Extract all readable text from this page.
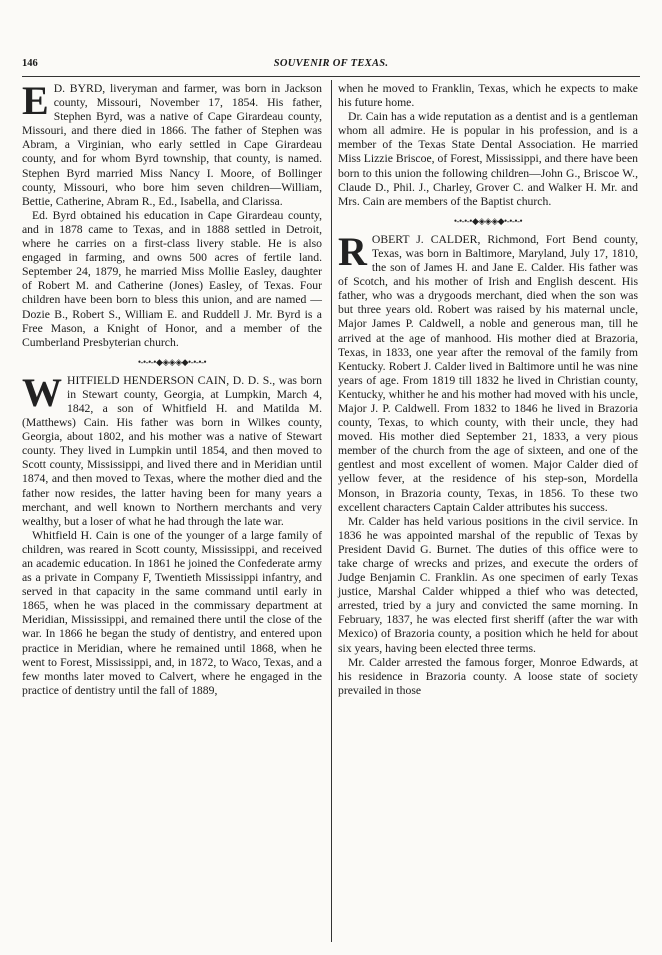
146	SOUVENIR OF TEXAS.

E D. BYRD, liveryman and farmer, was born in Jackson county, Missouri, November 17, 1854. His father, Stephen Byrd, was a native of Cape Girardeau county, Missouri, and there died in 1866. The father of Stephen was Abram, a Virginian, who early settled in Cape Girardeau county, and for whom Byrd township, that county, is named. Stephen Byrd married Miss Nancy I. Moore, of Bollinger county, Missouri, who bore him seven children—William, Bettie, Catherine, Abram R., Ed., Isabella, and Clarissa.

Ed. Byrd obtained his education in Cape Girardeau county, and in 1878 came to Texas, and in 1888 settled in Detroit, where he carries on a first-class livery stable. He is also engaged in farming, and owns 500 acres of fertile land. September 24, 1879, he married Miss Mollie Easley, daughter of Robert M. and Catherine (Jones) Easley, of Texas. Four children have been born to bless this union, and are named —Dozie B., Robert S., William E. and Ruddell J. Mr. Byrd is a Free Mason, a Knight of Honor, and a member of the Cumberland Presbyterian church.

•-•-•-•◆◈◈◈◆•-•-•-•

WHITFIELD HENDERSON CAIN, D. D. S., was born in Stewart county, Georgia, at Lumpkin, March 4, 1842, a son of Whitfield H. and Matilda M. (Matthews) Cain. His father was born in Wilkes county, Georgia, about 1802, and his mother was a native of Stewart county. They lived in Lumpkin until 1854, and then moved to Scott county, Mississippi, and lived there and in Meridian until 1874, and then moved to Texas, where the mother died and the father now resides, the latter having been for many years a merchant, and well known to Northern merchants and very wealthy, but a loser of what he had through the late war.

Whitfield H. Cain is one of the younger of a large family of children, was reared in Scott county, Mississippi, and received an academic education. In 1861 he joined the Confederate army as a private in Company F, Twentieth Mississippi infantry, and served in that capacity in the same command until early in 1865, when he was placed in the commissary department at Meridian, Mississippi, and remained there until the close of the war. In 1866 he began the study of dentistry, and entered upon practice in Meridian, where he remained until 1868, when he went to Forest, Mississippi, and, in 1872, to Waco, Texas, and a few months later moved to Calvert, where he engaged in the practice of dentistry until the fall of 1889,

when he moved to Franklin, Texas, which he expects to make his future home.

Dr. Cain has a wide reputation as a dentist and is a gentleman whom all admire. He is popular in his profession, and is a member of the Texas State Dental Association. He married Miss Lizzie Briscoe, of Forest, Mississippi, and there have been born to this union the following children—John G., Briscoe W., Claude D., Phil. J., Charley, Grover C. and Walker H. Mr. and Mrs. Cain are members of the Baptist church.

•-•-•-•◆◈◈◈◆•-•-•-•

ROBERT J. CALDER, Richmond, Fort Bend county, Texas, was born in Baltimore, Maryland, July 17, 1810, the son of James H. and Jane E. Calder. His father was of Scotch, and his mother of Irish and English descent. His father, who was a drygoods merchant, died when the son was but three years old. Robert was raised by his maternal uncle, Major James P. Caldwell, a noble and generous man, till he arrived at the age of manhood. His mother died at Brazoria, Texas, in 1833, one year after the removal of the family from Kentucky. Robert J. Calder lived in Baltimore until he was nine years of age. From 1819 till 1832 he lived in Christian county, Kentucky, whither he and his mother had moved with his uncle, Major J. P. Caldwell. From 1832 to 1846 he lived in Brazoria county, Texas, to which county, with their uncle, they had moved. His mother died September 21, 1833, a very pious member of the church from the age of sixteen, and one of the gentlest and most excellent of women. Major Calder died of yellow fever, at the residence of his step-son, Mordella Monson, in Brazoria county, Texas, in 1856. To these two excellent characters Captain Calder attributes his success.

Mr. Calder has held various positions in the civil service. In 1836 he was appointed marshal of the republic of Texas by President David G. Burnet. The duties of this office were to take charge of wrecks and prizes, and execute the orders of Judge Benjamin C. Franklin. As one specimen of early Texas justice, Marshal Calder whipped a thief who was detected, arrested, tried by a jury and convicted the same morning. In February, 1837, he was elected first sheriff (after the war with Mexico) of Brazoria county, a position which he held for about six years, having been elected three terms.

Mr. Calder arrested the famous forger, Monroe Edwards, at his residence in Brazoria county. A loose state of society prevailed in those
